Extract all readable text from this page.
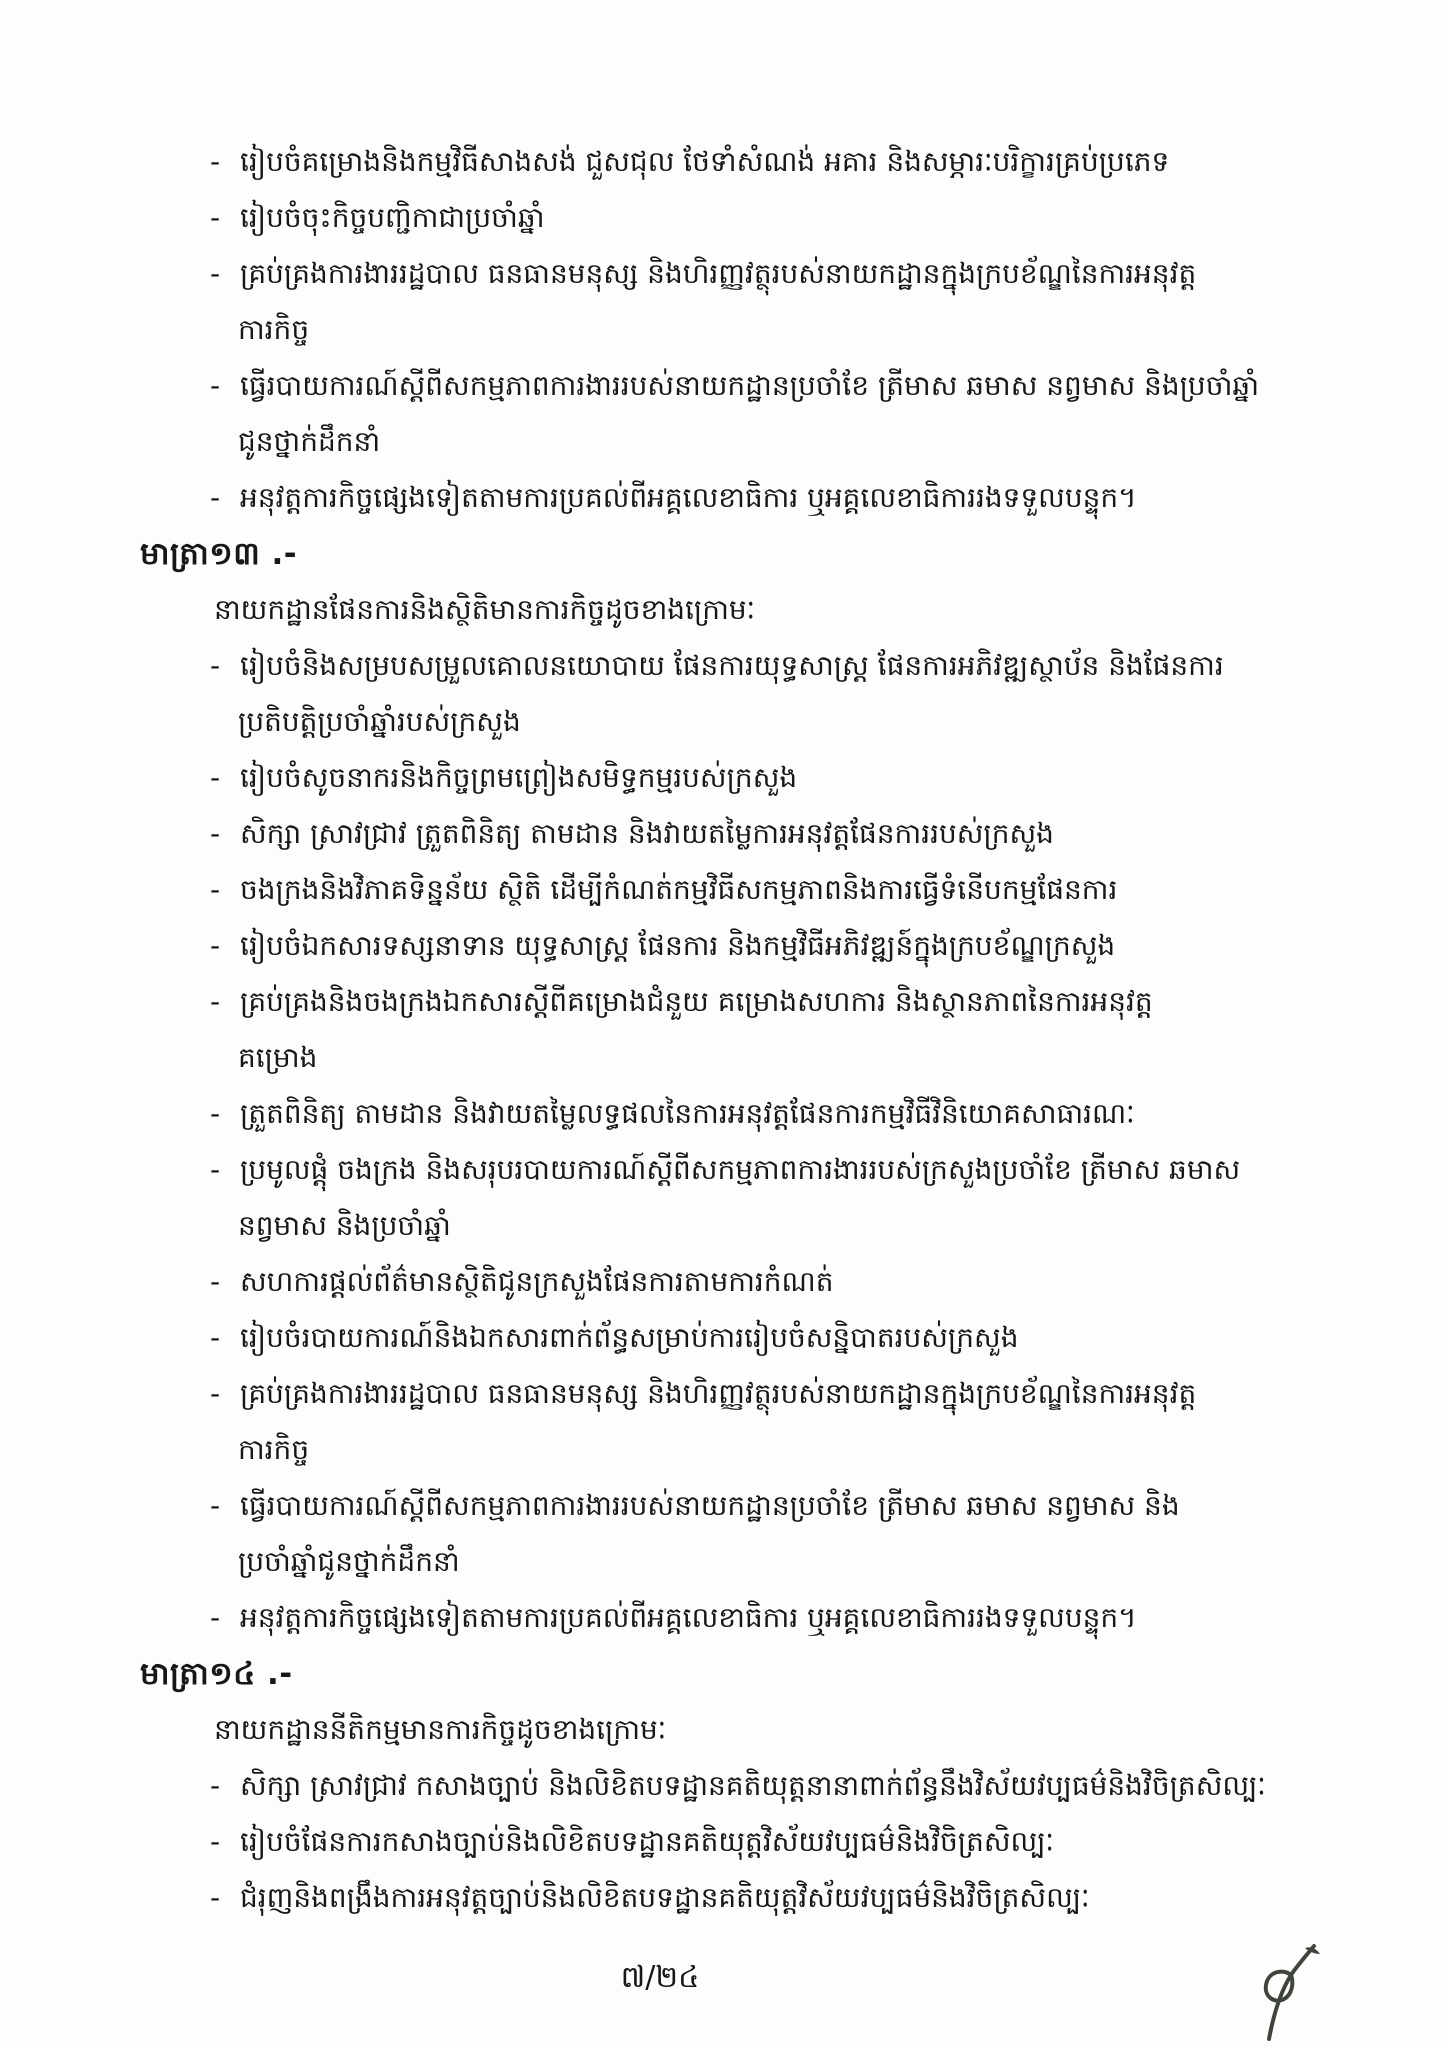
- រៀបចំគម្រោងនិងកម្មវិធីសាងសង់ ជួសជុល ថែទាំសំណង់ អគារ និងសម្ភារៈបរិក្ខារគ្រប់ប្រភេទ
- រៀបចំចុះកិច្ចបញ្ជិកាជាប្រចាំឆ្នាំ
- គ្រប់គ្រងការងាររដ្ឋបាល ធនធានមនុស្ស និងហិរញ្ញវត្ថុរបស់នាយកដ្ឋានក្នុងក្របខ័ណ្ឌនៃការអនុវត្ត
ការកិច្ច
- ធ្វើរបាយការណ៍ស្តីពីសកម្មភាពការងាររបស់នាយកដ្ឋានប្រចាំខែ ត្រីមាស ឆមាស នព្វមាស និងប្រចាំឆ្នាំ
ជូនថ្នាក់ដឹកនាំ
- អនុវត្តការកិច្ចផ្សេងទៀតតាមការប្រគល់ពីអគ្គលេខាធិការ ឬអគ្គលេខាធិការរងទទួលបន្ទុក។
មាត្រា១៣ .-
នាយកដ្ឋានផែនការនិងស្ថិតិមានការកិច្ចដូចខាងក្រោមៈ
- រៀបចំនិងសម្របសម្រួលគោលនយោបាយ ផែនការយុទ្ធសាស្ត្រ ផែនការអភិវឌ្ឍស្ថាប័ន និងផែនការ
ប្រតិបត្តិប្រចាំឆ្នាំរបស់ក្រសួង
- រៀបចំសូចនាករនិងកិច្ចព្រមព្រៀងសមិទ្ធកម្មរបស់ក្រសួង
- សិក្សា ស្រាវជ្រាវ ត្រួតពិនិត្យ តាមដាន និងវាយតម្លៃការអនុវត្តផែនការរបស់ក្រសួង
- ចងក្រងនិងវិភាគទិន្នន័យ ស្ថិតិ ដើម្បីកំណត់កម្មវិធីសកម្មភាពនិងការធ្វើទំនើបកម្មផែនការ
- រៀបចំឯកសារទស្សនាទាន យុទ្ធសាស្ត្រ ផែនការ និងកម្មវិធីអភិវឌ្ឍន៍ក្នុងក្របខ័ណ្ឌក្រសួង
- គ្រប់គ្រងនិងចងក្រងឯកសារស្តីពីគម្រោងជំនួយ គម្រោងសហការ និងស្ថានភាពនៃការអនុវត្ត
គម្រោង
- ត្រួតពិនិត្យ តាមដាន និងវាយតម្លៃលទ្ធផលនៃការអនុវត្តផែនការកម្មវិធីវិនិយោគសាធារណៈ
- ប្រមូលផ្តុំ ចងក្រង និងសរុបរបាយការណ៍ស្តីពីសកម្មភាពការងាររបស់ក្រសួងប្រចាំខែ ត្រីមាស ឆមាស
នព្វមាស និងប្រចាំឆ្នាំ
- សហការផ្តល់ព័ត៌មានស្ថិតិជូនក្រសួងផែនការតាមការកំណត់
- រៀបចំរបាយការណ៍និងឯកសារពាក់ព័ន្ធសម្រាប់ការរៀបចំសន្និបាតរបស់ក្រសួង
- គ្រប់គ្រងការងាររដ្ឋបាល ធនធានមនុស្ស និងហិរញ្ញវត្ថុរបស់នាយកដ្ឋានក្នុងក្របខ័ណ្ឌនៃការអនុវត្ត
ការកិច្ច
- ធ្វើរបាយការណ៍ស្តីពីសកម្មភាពការងាររបស់នាយកដ្ឋានប្រចាំខែ ត្រីមាស ឆមាស នព្វមាស និង
ប្រចាំឆ្នាំជូនថ្នាក់ដឹកនាំ
- អនុវត្តការកិច្ចផ្សេងទៀតតាមការប្រគល់ពីអគ្គលេខាធិការ ឬអគ្គលេខាធិការរងទទួលបន្ទុក។
មាត្រា១៤ .-
នាយកដ្ឋាននីតិកម្មមានការកិច្ចដូចខាងក្រោមៈ
- សិក្សា ស្រាវជ្រាវ កសាងច្បាប់ និងលិខិតបទដ្ឋានគតិយុត្តនានាពាក់ព័ន្ធនឹងវិស័យវប្បធម៌និងវិចិត្រសិល្បៈ
- រៀបចំផែនការកសាងច្បាប់និងលិខិតបទដ្ឋានគតិយុត្តវិស័យវប្បធម៌និងវិចិត្រសិល្បៈ
- ជំរុញនិងពង្រឹងការអនុវត្តច្បាប់និងលិខិតបទដ្ឋានគតិយុត្តវិស័យវប្បធម៌និងវិចិត្រសិល្បៈ
៧/២៤
